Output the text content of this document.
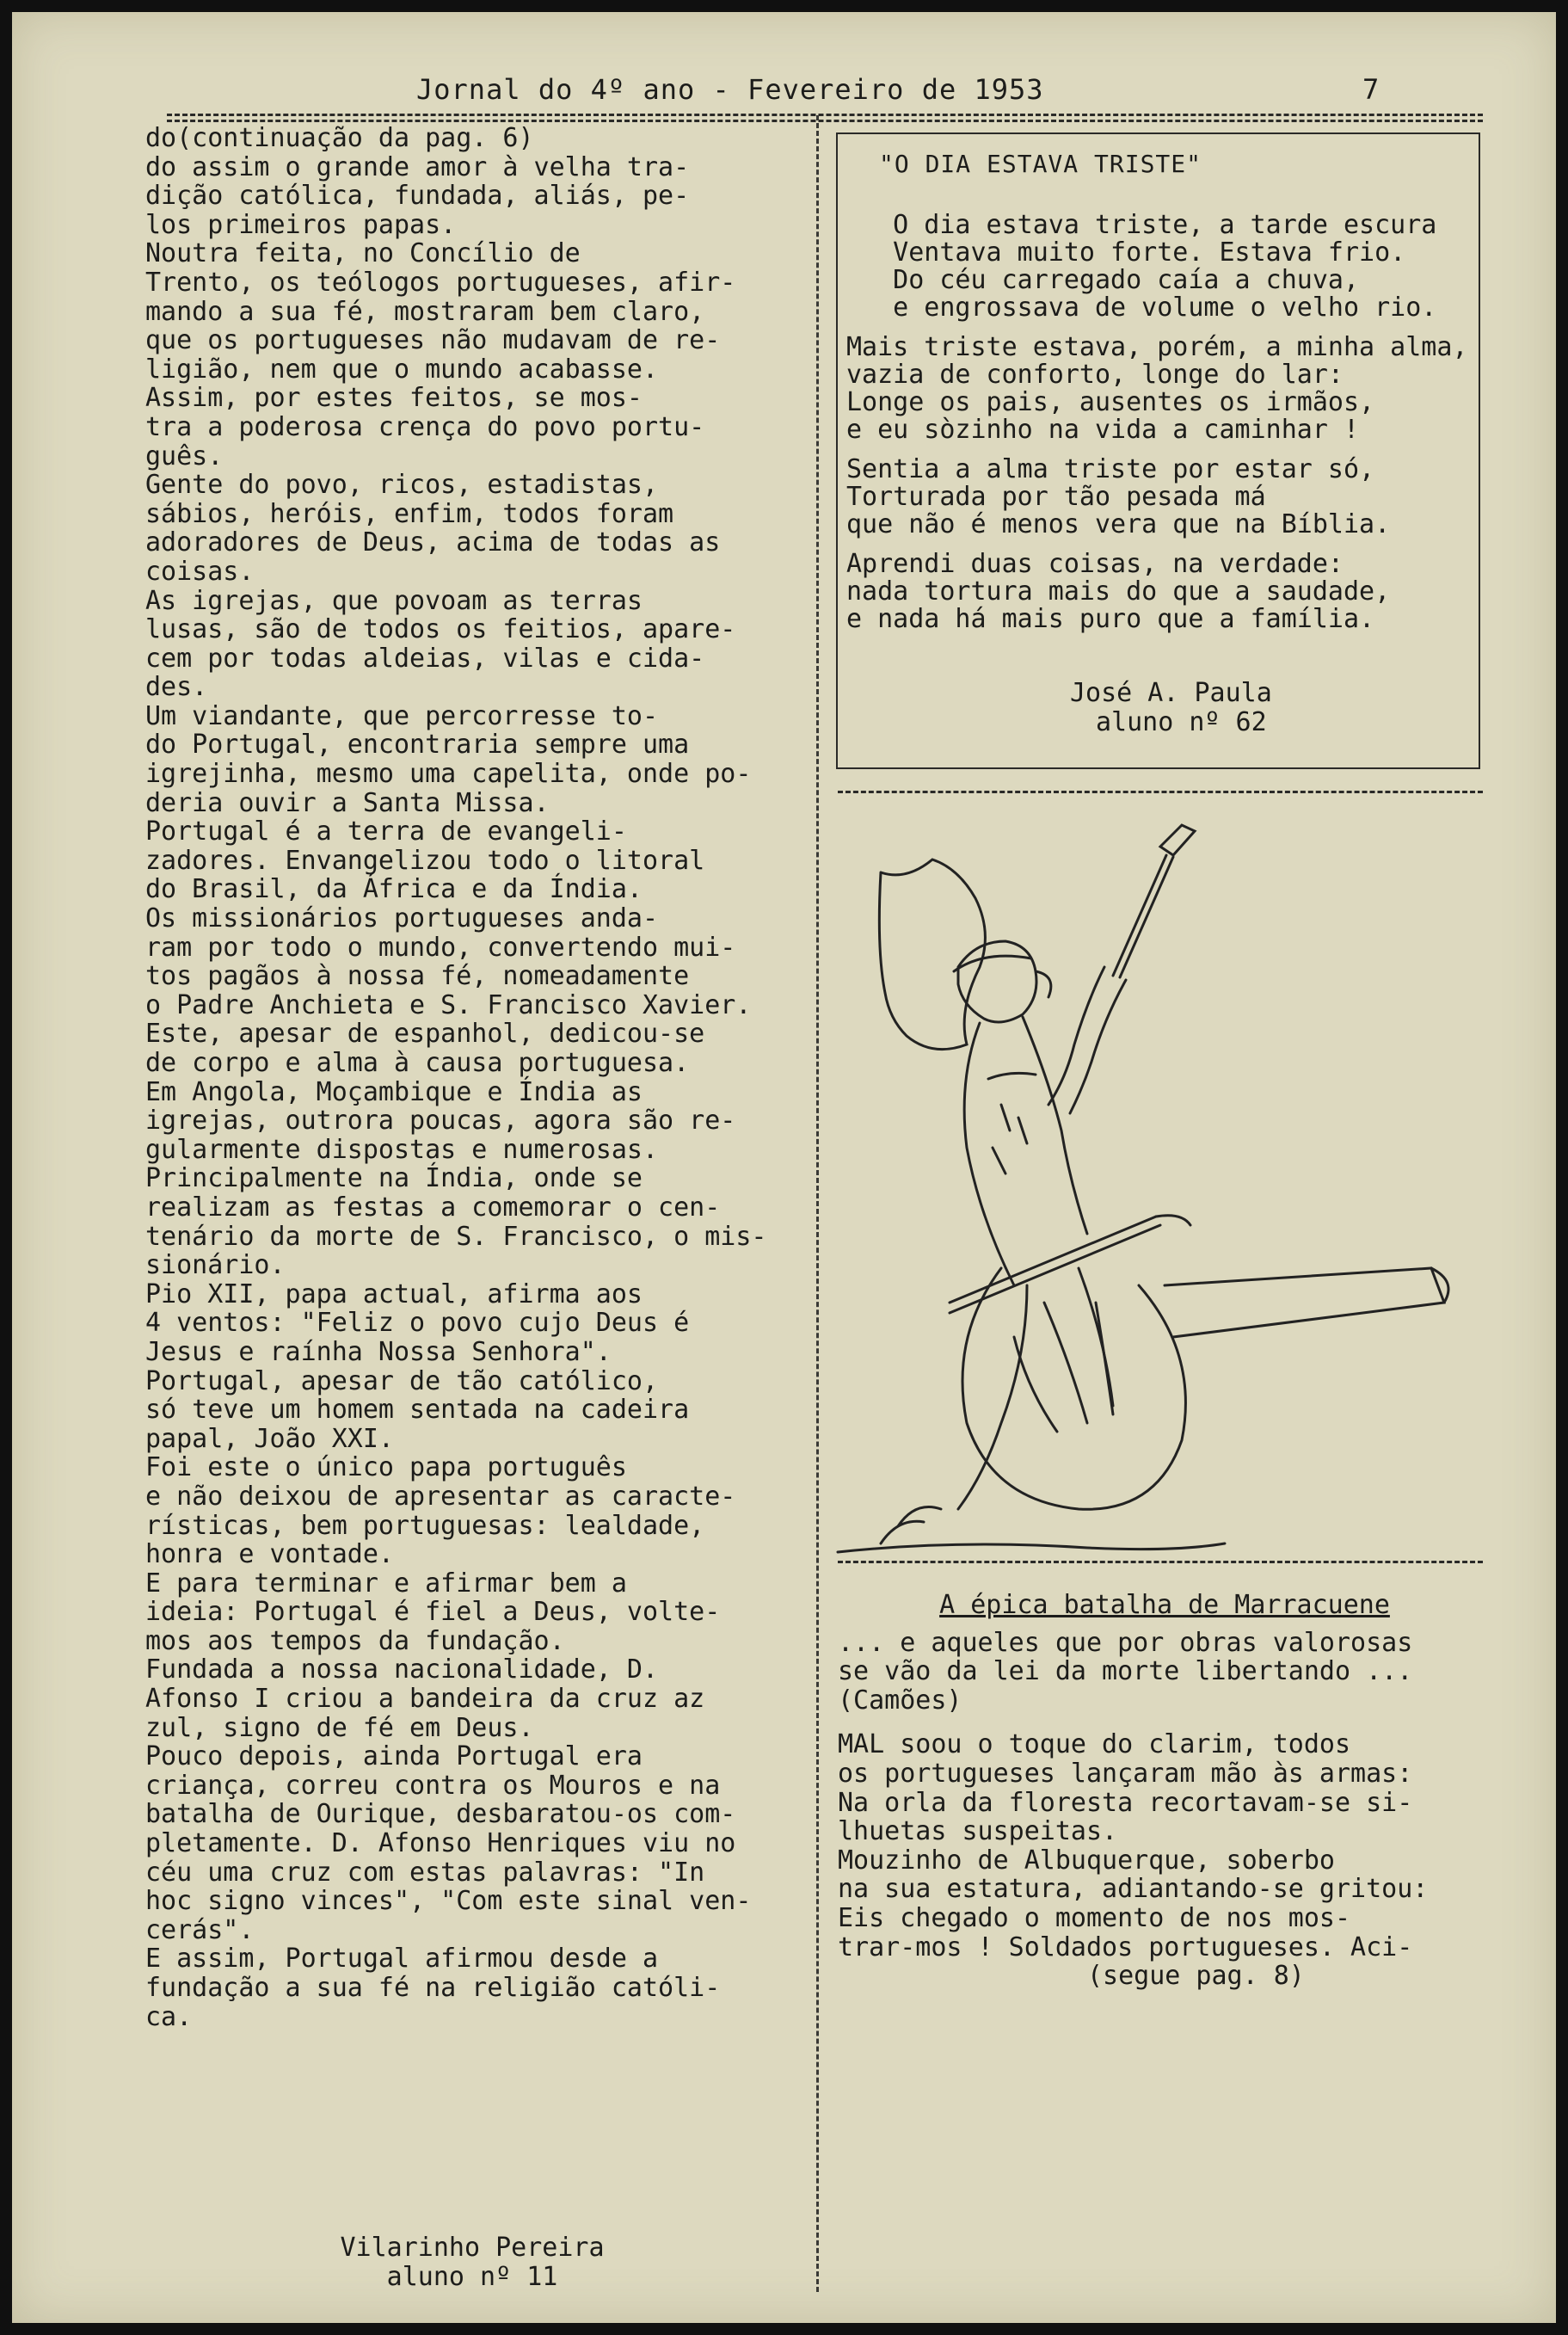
Jornal do 4º ano - Fevereiro de 1953	7

do(continuação da pag. 6)

do assim o grande amor à velha tra-
dição católica, fundada, aliás, pe-
los primeiros papas.

Noutra feita, no Concílio de
Trento, os teólogos portugueses, afir-
mando a sua fé, mostraram bem claro,
que os portugueses não mudavam de re-
ligião, nem que o mundo acabasse.

Assim, por estes feitos, se mos-
tra a poderosa crença do povo portu-
guês.

Gente do povo, ricos, estadistas,
sábios, heróis, enfim, todos foram
adoradores de Deus, acima de todas as
coisas.

As igrejas, que povoam as terras
lusas, são de todos os feitios, apare-
cem por todas aldeias, vilas e cida-
des.

Um viandante, que percorresse to-
do Portugal, encontraria sempre uma
igrejinha, mesmo uma capelita, onde po-
deria ouvir a Santa Missa.

Portugal é a terra de evangeli-
zadores. Envangelizou todo o litoral
do Brasil, da África e da Índia.

Os missionários portugueses anda-
ram por todo o mundo, convertendo mui-
tos pagãos à nossa fé, nomeadamente
o Padre Anchieta e S. Francisco Xavier.
Este, apesar de espanhol, dedicou-se
de corpo e alma à causa portuguesa.

Em Angola, Moçambique e Índia as
igrejas, outrora poucas, agora são re-
gularmente dispostas e numerosas.

Principalmente na Índia, onde se
realizam as festas a comemorar o cen-
tenário da morte de S. Francisco, o mis-
sionário.

Pio XII, papa actual, afirma aos
4 ventos: "Feliz o povo cujo Deus é
Jesus e raínha Nossa Senhora".

Portugal, apesar de tão católico,
só teve um homem sentada na cadeira
papal, João XXI.

Foi este o único papa português
e não deixou de apresentar as caracte-
rísticas, bem portuguesas: lealdade,
honra e vontade.

E para terminar e afirmar bem a
ideia: Portugal é fiel a Deus, volte-
mos aos tempos da fundação.

Fundada a nossa nacionalidade, D.
Afonso I criou a bandeira da cruz az
zul, signo de fé em Deus.

Pouco depois, ainda Portugal era
criança, correu contra os Mouros e na
batalha de Ourique, desbaratou-os com-
pletamente. D. Afonso Henriques viu no
céu uma cruz com estas palavras: "In
hoc signo vinces", "Com este sinal ven-
cerás".

E assim, Portugal afirmou desde a
fundação a sua fé na religião católi-
ca.

Vilarinho Pereira
aluno nº 11
"O DIA ESTAVA TRISTE"
O dia estava triste, a tarde escura
Ventava muito forte. Estava frio.
Do céu carregado caía a chuva,
e engrossava de volume o velho rio.
Mais triste estava, porém, a minha alma,
vazia de conforto, longe do lar:
Longe os pais, ausentes os irmãos,
e eu sòzinho na vida a caminhar !
Sentia a alma triste por estar só,
Torturada por tão pesada má
que não é menos vera que na Bíblia.
Aprendi duas coisas, na verdade:
nada tortura mais do que a saudade,
e nada há mais puro que a família.
José A. Paula
aluno nº 62

A épica batalha de Marracuene

... e aqueles que por obras valorosas
se vão da lei da morte libertando ...
(Camões)

MAL soou o toque do clarim, todos
os portugueses lançaram mão às armas:
Na orla da floresta recortavam-se si-
lhuetas suspeitas.

Mouzinho de Albuquerque, soberbo
na sua estatura, adiantando-se gritou:

Eis chegado o momento de nos mos-
trar-mos ! Soldados portugueses. Aci-

(segue pag. 8)
